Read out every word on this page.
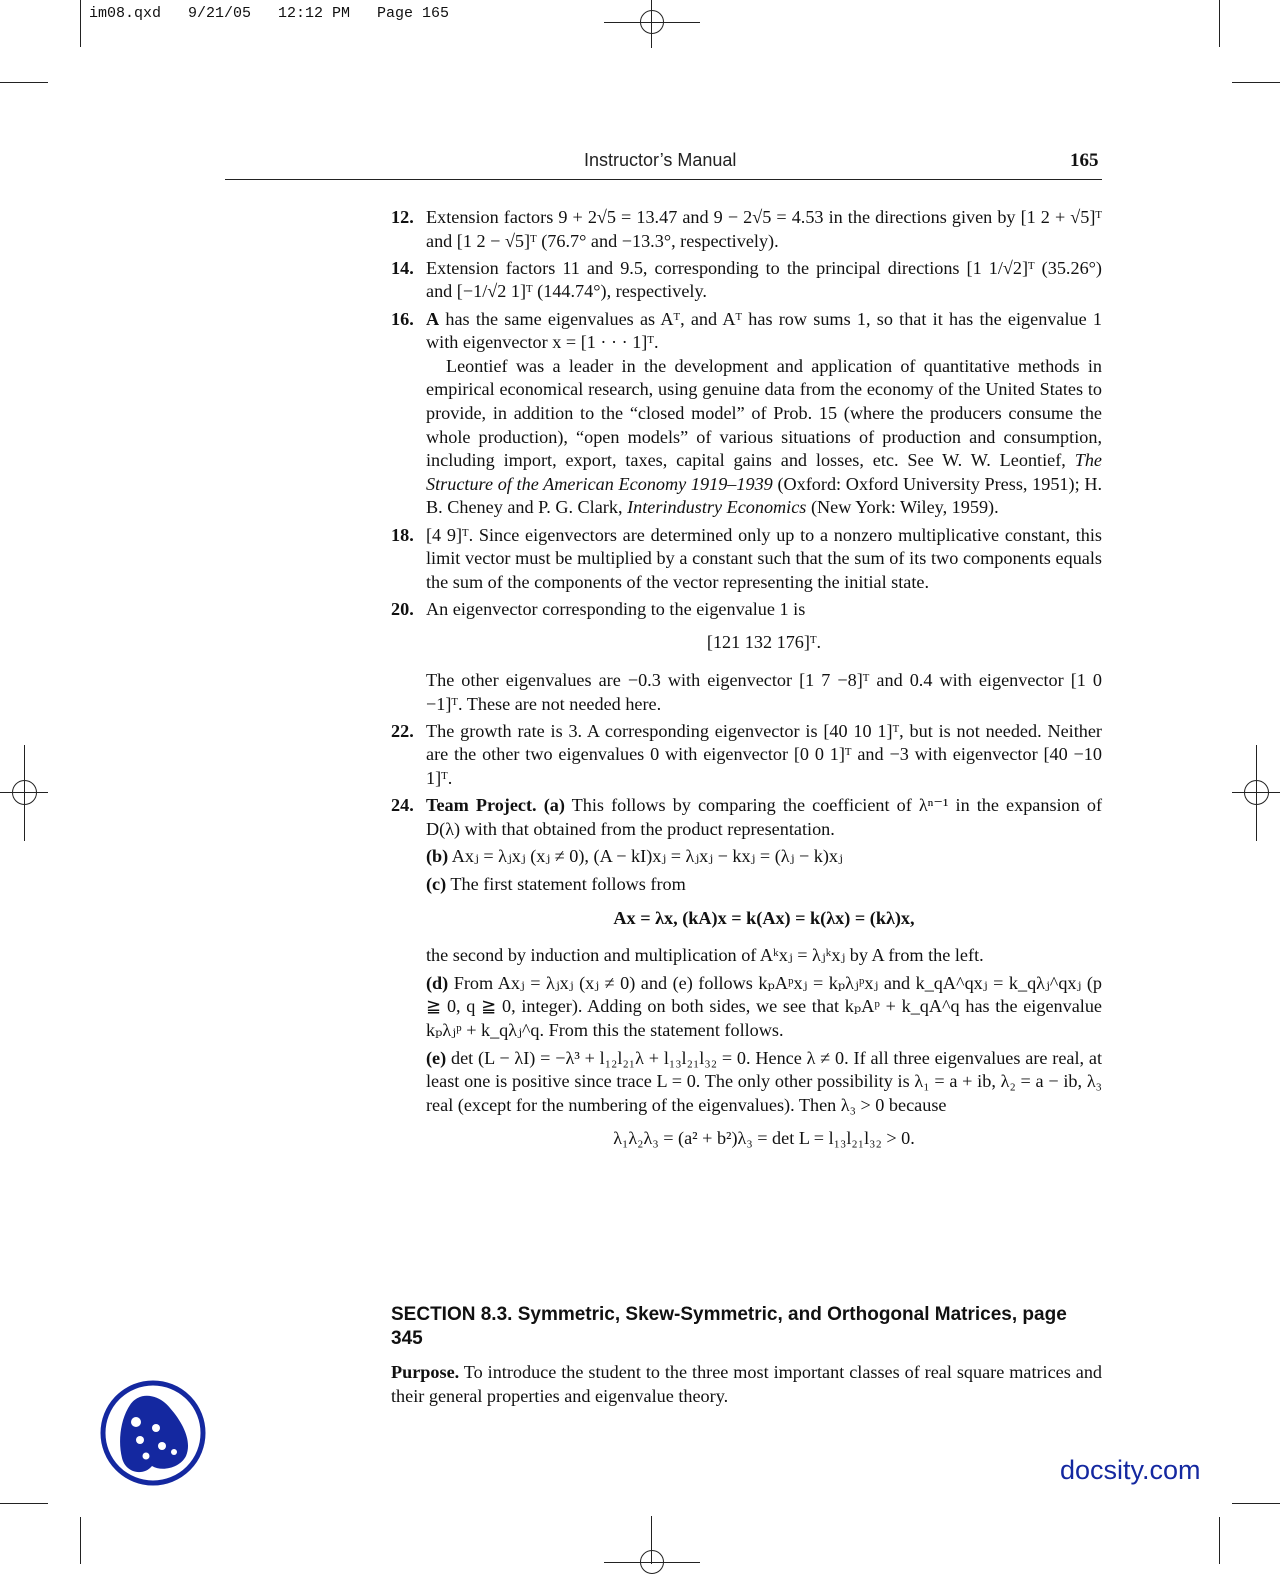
im08.qxd   9/21/05   12:12 PM   Page 165
Instructor’s Manual	165
12. Extension factors 9 + 2√5 = 13.47 and 9 − 2√5 = 4.53 in the directions given by [1 2 + √5]ᵀ and [1 2 − √5]ᵀ (76.7° and −13.3°, respectively).
14. Extension factors 11 and 9.5, corresponding to the principal directions [1 1/√2]ᵀ (35.26°) and [−1/√2 1]ᵀ (144.74°), respectively.
16. A has the same eigenvalues as Aᵀ, and Aᵀ has row sums 1, so that it has the eigenvalue 1 with eigenvector x = [1 · · · 1]ᵀ.

Leontief was a leader in the development and application of quantitative methods in empirical economical research, using genuine data from the economy of the United States to provide, in addition to the “closed model” of Prob. 15 (where the producers consume the whole production), “open models” of various situations of production and consumption, including import, export, taxes, capital gains and losses, etc. See W. W. Leontief, The Structure of the American Economy 1919–1939 (Oxford: Oxford University Press, 1951); H. B. Cheney and P. G. Clark, Interindustry Economics (New York: Wiley, 1959).

18. [4 9]ᵀ. Since eigenvectors are determined only up to a nonzero multiplicative constant, this limit vector must be multiplied by a constant such that the sum of its two components equals the sum of the components of the vector representing the initial state.
20. An eigenvector corresponding to the eigenvalue 1 is
[121 132 176]ᵀ.
The other eigenvalues are −0.3 with eigenvector [1 7 −8]ᵀ and 0.4 with eigenvector [1 0 −1]ᵀ. These are not needed here.
22. The growth rate is 3. A corresponding eigenvector is [40 10 1]ᵀ, but is not needed. Neither are the other two eigenvalues 0 with eigenvector [0 0 1]ᵀ and −3 with eigenvector [40 −10 1]ᵀ.
24. Team Project. (a) This follows by comparing the coefficient of λⁿ⁻¹ in the expansion of D(λ) with that obtained from the product representation.
(b) Axⱼ = λⱼxⱼ (xⱼ ≠ 0), (A − kI)xⱼ = λⱼxⱼ − kxⱼ = (λⱼ − k)xⱼ
(c) The first statement follows from
Ax = λx, (kA)x = k(Ax) = k(λx) = (kλ)x,
the second by induction and multiplication of Aᵏxⱼ = λⱼᵏxⱼ by A from the left.
(d) From Axⱼ = λⱼxⱼ (xⱼ ≠ 0) and (e) follows kₚAᵖxⱼ = kₚλⱼᵖxⱼ and k_qA^qxⱼ = k_qλⱼ^qxⱼ (p ≧ 0, q ≧ 0, integer). Adding on both sides, we see that kₚAᵖ + k_qA^q has the eigenvalue kₚλⱼᵖ + k_qλⱼ^q. From this the statement follows.
(e) det (L − λI) = −λ³ + l₁₂l₂₁λ + l₁₃l₂₁l₃₂ = 0. Hence λ ≠ 0. If all three eigenvalues are real, at least one is positive since trace L = 0. The only other possibility is λ₁ = a + ib, λ₂ = a − ib, λ₃ real (except for the numbering of the eigenvalues). Then λ₃ > 0 because
λ₁λ₂λ₃ = (a² + b²)λ₃ = det L = l₁₃l₂₁l₃₂ > 0.
SECTION 8.3. Symmetric, Skew-Symmetric, and Orthogonal Matrices, page 345
Purpose. To introduce the student to the three most important classes of real square matrices and their general properties and eigenvalue theory.
docsity.com
